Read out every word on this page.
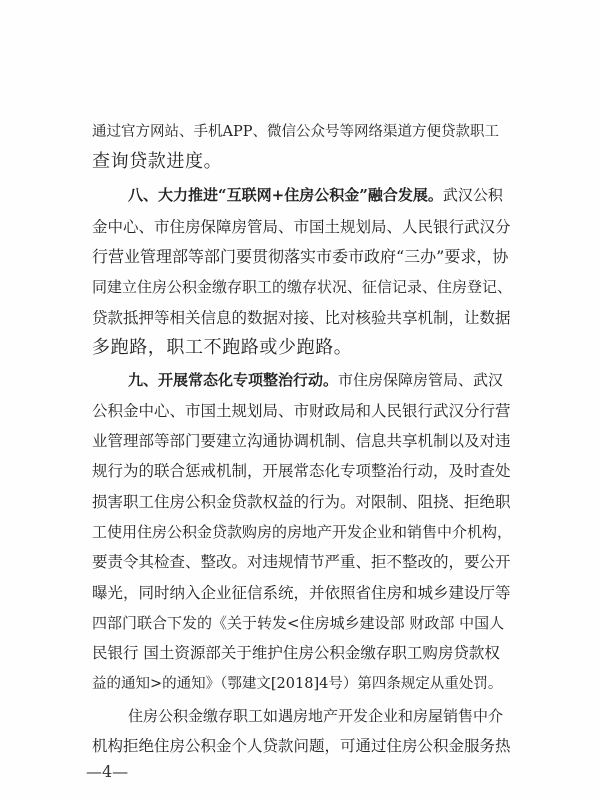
通过官方网站、手机APP、微信公众号等网络渠道方便贷款职工
查询贷款进度。
八、大力推进“互联网+住房公积金”融合发展。武汉公积
金中心、市住房保障房管局、市国土规划局、人民银行武汉分
行营业管理部等部门要贯彻落实市委市政府“三办”要求，协
同建立住房公积金缴存职工的缴存状况、征信记录、住房登记、
贷款抵押等相关信息的数据对接、比对核验共享机制，让数据
多跑路，职工不跑路或少跑路。
九、开展常态化专项整治行动。市住房保障房管局、武汉
公积金中心、市国土规划局、市财政局和人民银行武汉分行营
业管理部等部门要建立沟通协调机制、信息共享机制以及对违
规行为的联合惩戒机制，开展常态化专项整治行动，及时查处
损害职工住房公积金贷款权益的行为。对限制、阻挠、拒绝职
工使用住房公积金贷款购房的房地产开发企业和销售中介机构，
要责令其检查、整改。对违规情节严重、拒不整改的，要公开
曝光，同时纳入企业征信系统，并依照省住房和城乡建设厅等
四部门联合下发的《关于转发<住房城乡建设部 财政部 中国人
民银行 国土资源部关于维护住房公积金缴存职工购房贷款权
益的通知>的通知》（鄂建文[2018]4号）第四条规定从重处罚。
住房公积金缴存职工如遇房地产开发企业和房屋销售中介
机构拒绝住房公积金个人贷款问题，可通过住房公积金服务热
—4—
